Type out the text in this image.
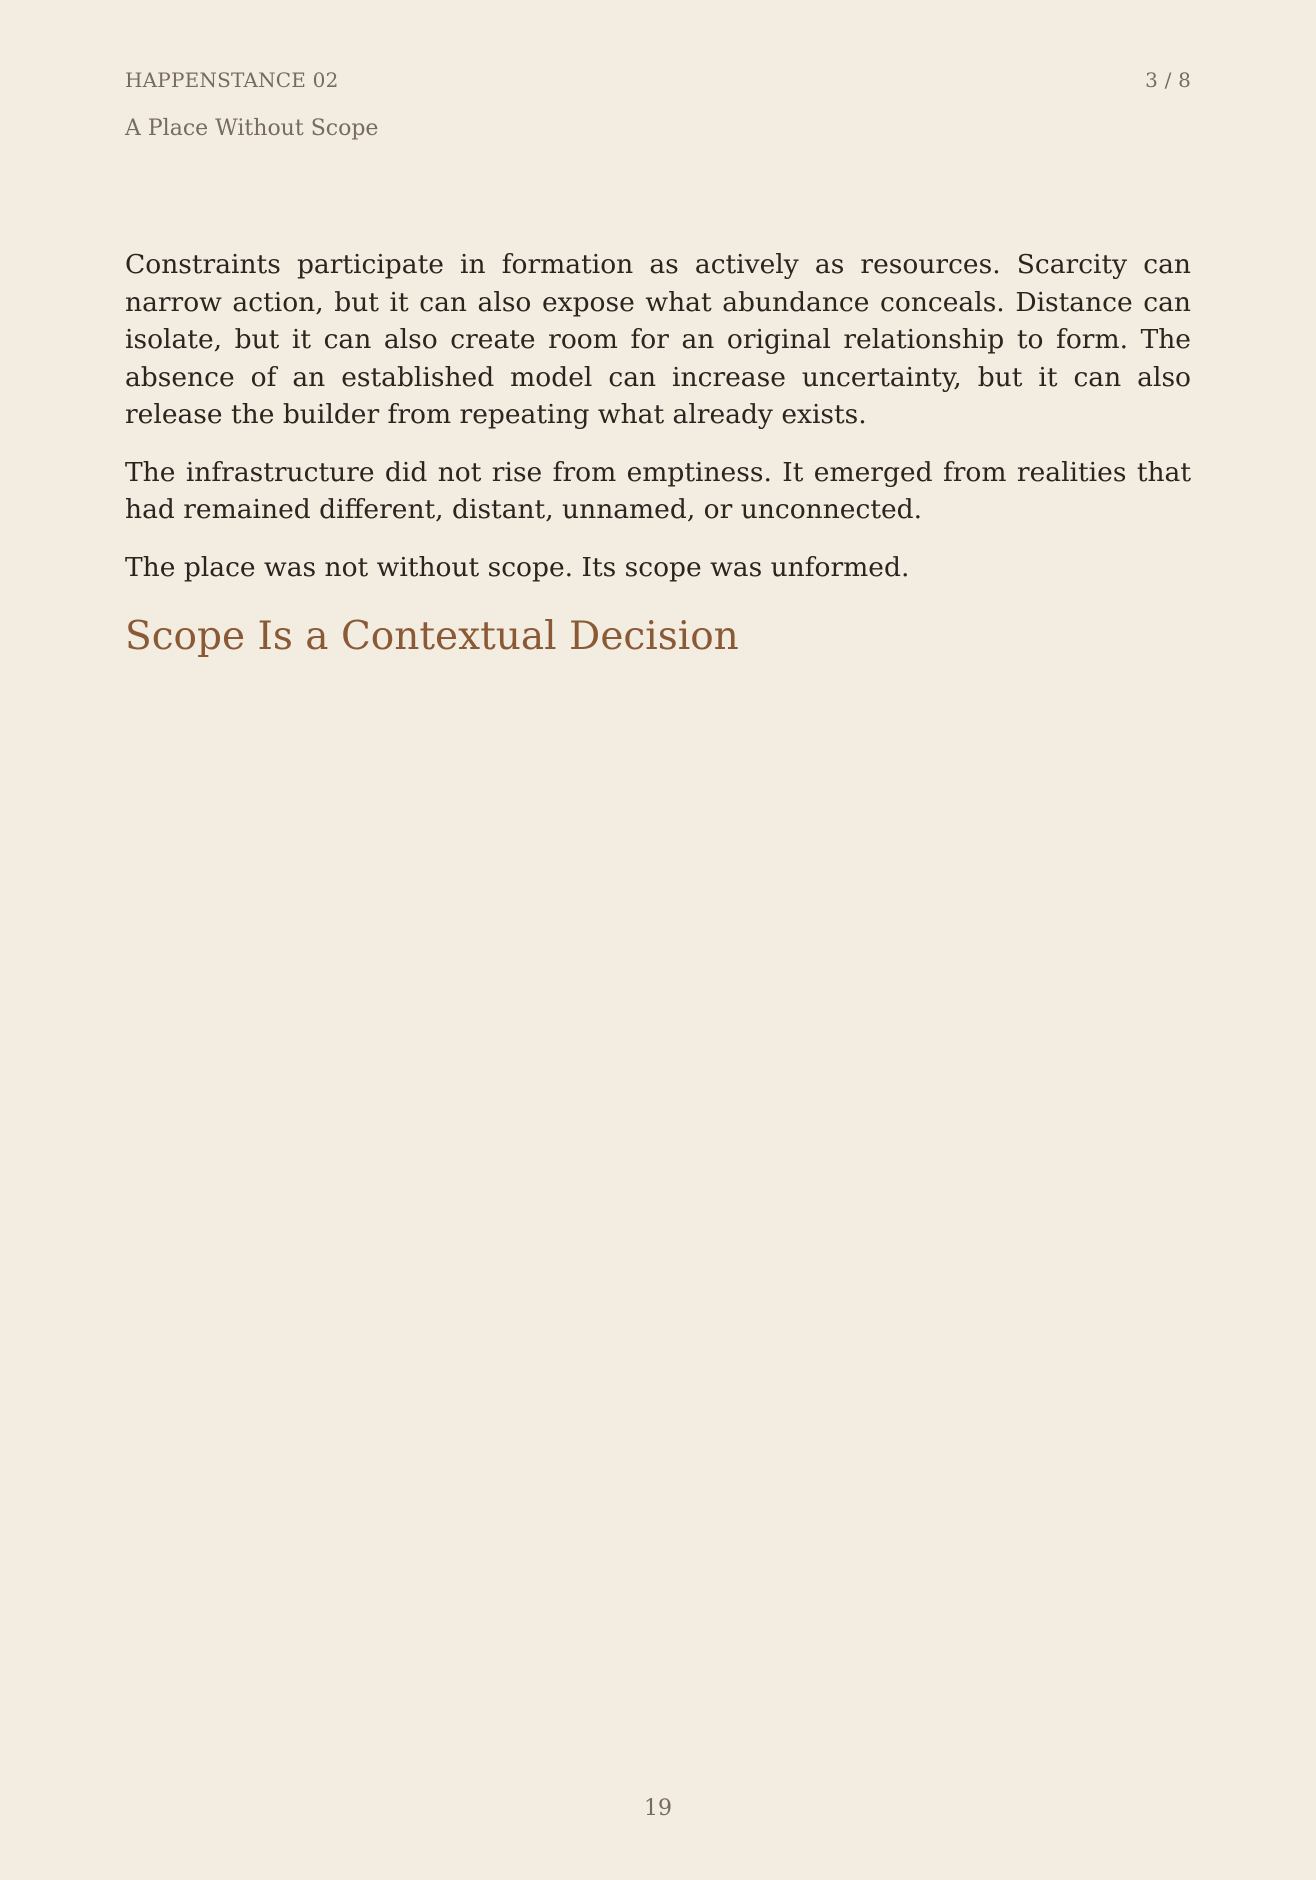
HAPPENSTANCE 02	3 / 8
A Place Without Scope

Constraints participate in formation as actively as resources. Scarcity can narrow action, but it can also expose what abundance conceals. Distance can isolate, but it can also create room for an original relationship to form. The absence of an established model can increase uncertainty, but it can also release the builder from repeating what already exists.

The infrastructure did not rise from emptiness. It emerged from realities that had remained different, distant, unnamed, or unconnected.

The place was not without scope. Its scope was unformed.

Scope Is a Contextual Decision
19
